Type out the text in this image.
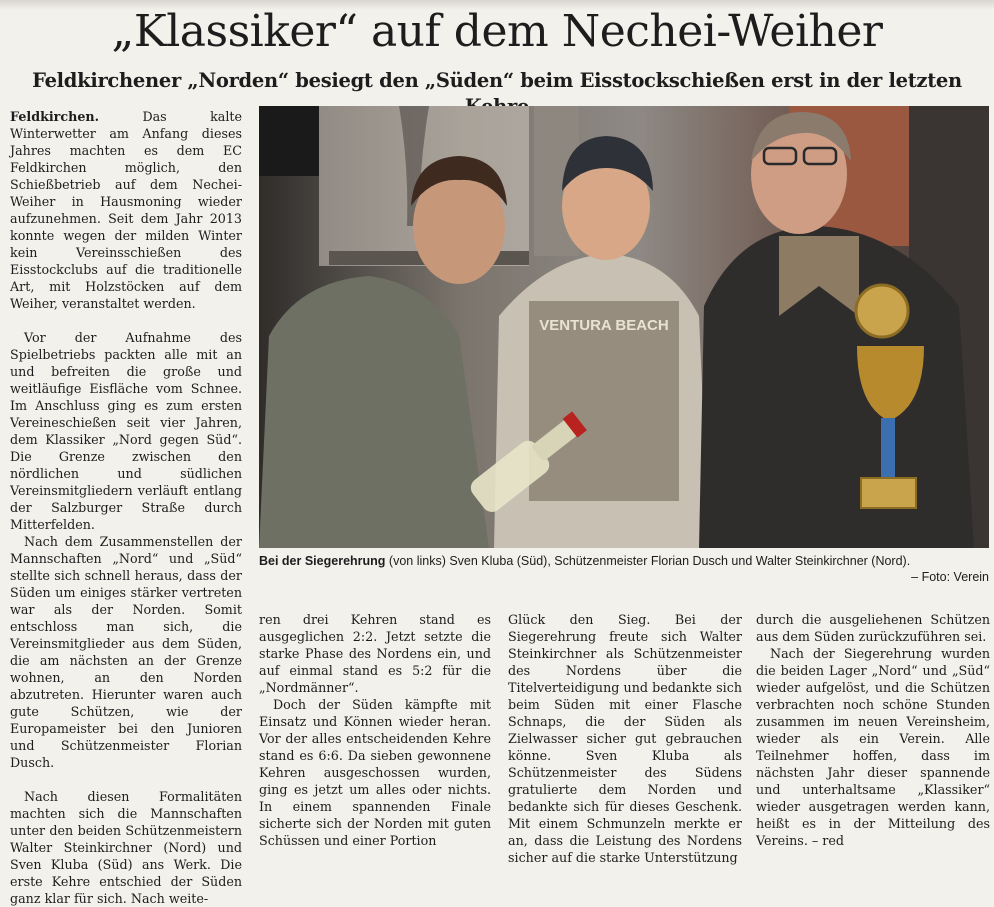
„Klassiker“ auf dem Nechei-Weiher
Feldkirchener „Norden“ besiegt den „Süden“ beim Eisstockschießen erst in der letzten

Feldkirchen. Das kalte Winterwetter am Anfang dieses Jahres machten es dem EC Feldkirchen möglich, den Schießbetrieb auf dem Nechei-Weiher in Hausmoning wieder aufzunehmen. Seit dem Jahr 2013 konnte wegen der milden Winter kein Vereinsschießen des Eisstockclubs auf die traditionelle Art, mit Holzstöcken auf dem Weiher, veranstaltet werden.

Vor der Aufnahme des Spielbetriebs packten alle mit an und befreiten die große und weitläufige Eisfläche vom Schnee. Im Anschluss ging es zum ersten Vereineschießen seit vier Jahren, dem Klassiker „Nord gegen Süd“. Die Grenze zwischen den nördlichen und südlichen Vereinsmitgliedern verläuft entlang der Salzburger Straße durch Mitterfelden.

Nach dem Zusammenstellen der Mannschaften „Nord“ und „Süd“ stellte sich schnell heraus, dass der Süden um einiges stärker vertreten war als der Norden. Somit entschloss man sich, die Vereinsmitglieder aus dem Süden, die am nächsten an der Grenze wohnen, an den Norden abzutreten. Hierunter waren auch gute Schützen, wie der Europameister bei den Junioren und Schützenmeister Florian Dusch.

Nach diesen Formalitäten machten sich die Mannschaften unter den beiden Schützenmeistern Walter Steinkirchner (Nord) und Sven Kluba (Süd) ans Werk. Die erste Kehre entschied der Süden ganz klar für sich. Nach weite-

VENTURA BEACH
Bei der Siegerehrung (von links) Sven Kluba (Süd), Schützenmeister Florian Dusch und Walter Steinkirchner (Nord).
– Foto: Verein

ren drei Kehren stand es ausgeglichen 2:2. Jetzt setzte die starke Phase des Nordens ein, und auf einmal stand es 5:2 für die „Nordmänner“.

Doch der Süden kämpfte mit Einsatz und Können wieder heran. Vor der alles entscheidenden Kehre stand es 6:6. Da sieben gewonnene Kehren ausgeschossen wurden, ging es jetzt um alles oder nichts. In einem spannenden Finale sicherte sich der Norden mit guten Schüssen und einer Portion

Glück den Sieg. Bei der Siegerehrung freute sich Walter Steinkirchner als Schützenmeister des Nordens über die Titelverteidigung und bedankte sich beim Süden mit einer Flasche Schnaps, die der Süden als Zielwasser sicher gut gebrauchen könne. Sven Kluba als Schützenmeister des Südens gratulierte dem Norden und bedankte sich für dieses Geschenk. Mit einem Schmunzeln merkte er an, dass die Leistung des Nordens sicher auf die starke Unterstützung

durch die ausgeliehenen Schützen aus dem Süden zurückzuführen sei.

Nach der Siegerehrung wurden die beiden Lager „Nord“ und „Süd“ wieder aufgelöst, und die Schützen verbrachten noch schöne Stunden zusammen im neuen Vereinsheim, wieder als ein Verein. Alle Teilnehmer hoffen, dass im nächsten Jahr dieser spannende und unterhaltsame „Klassiker“ wieder ausgetragen werden kann, heißt es in der Mitteilung des Vereins. – red
